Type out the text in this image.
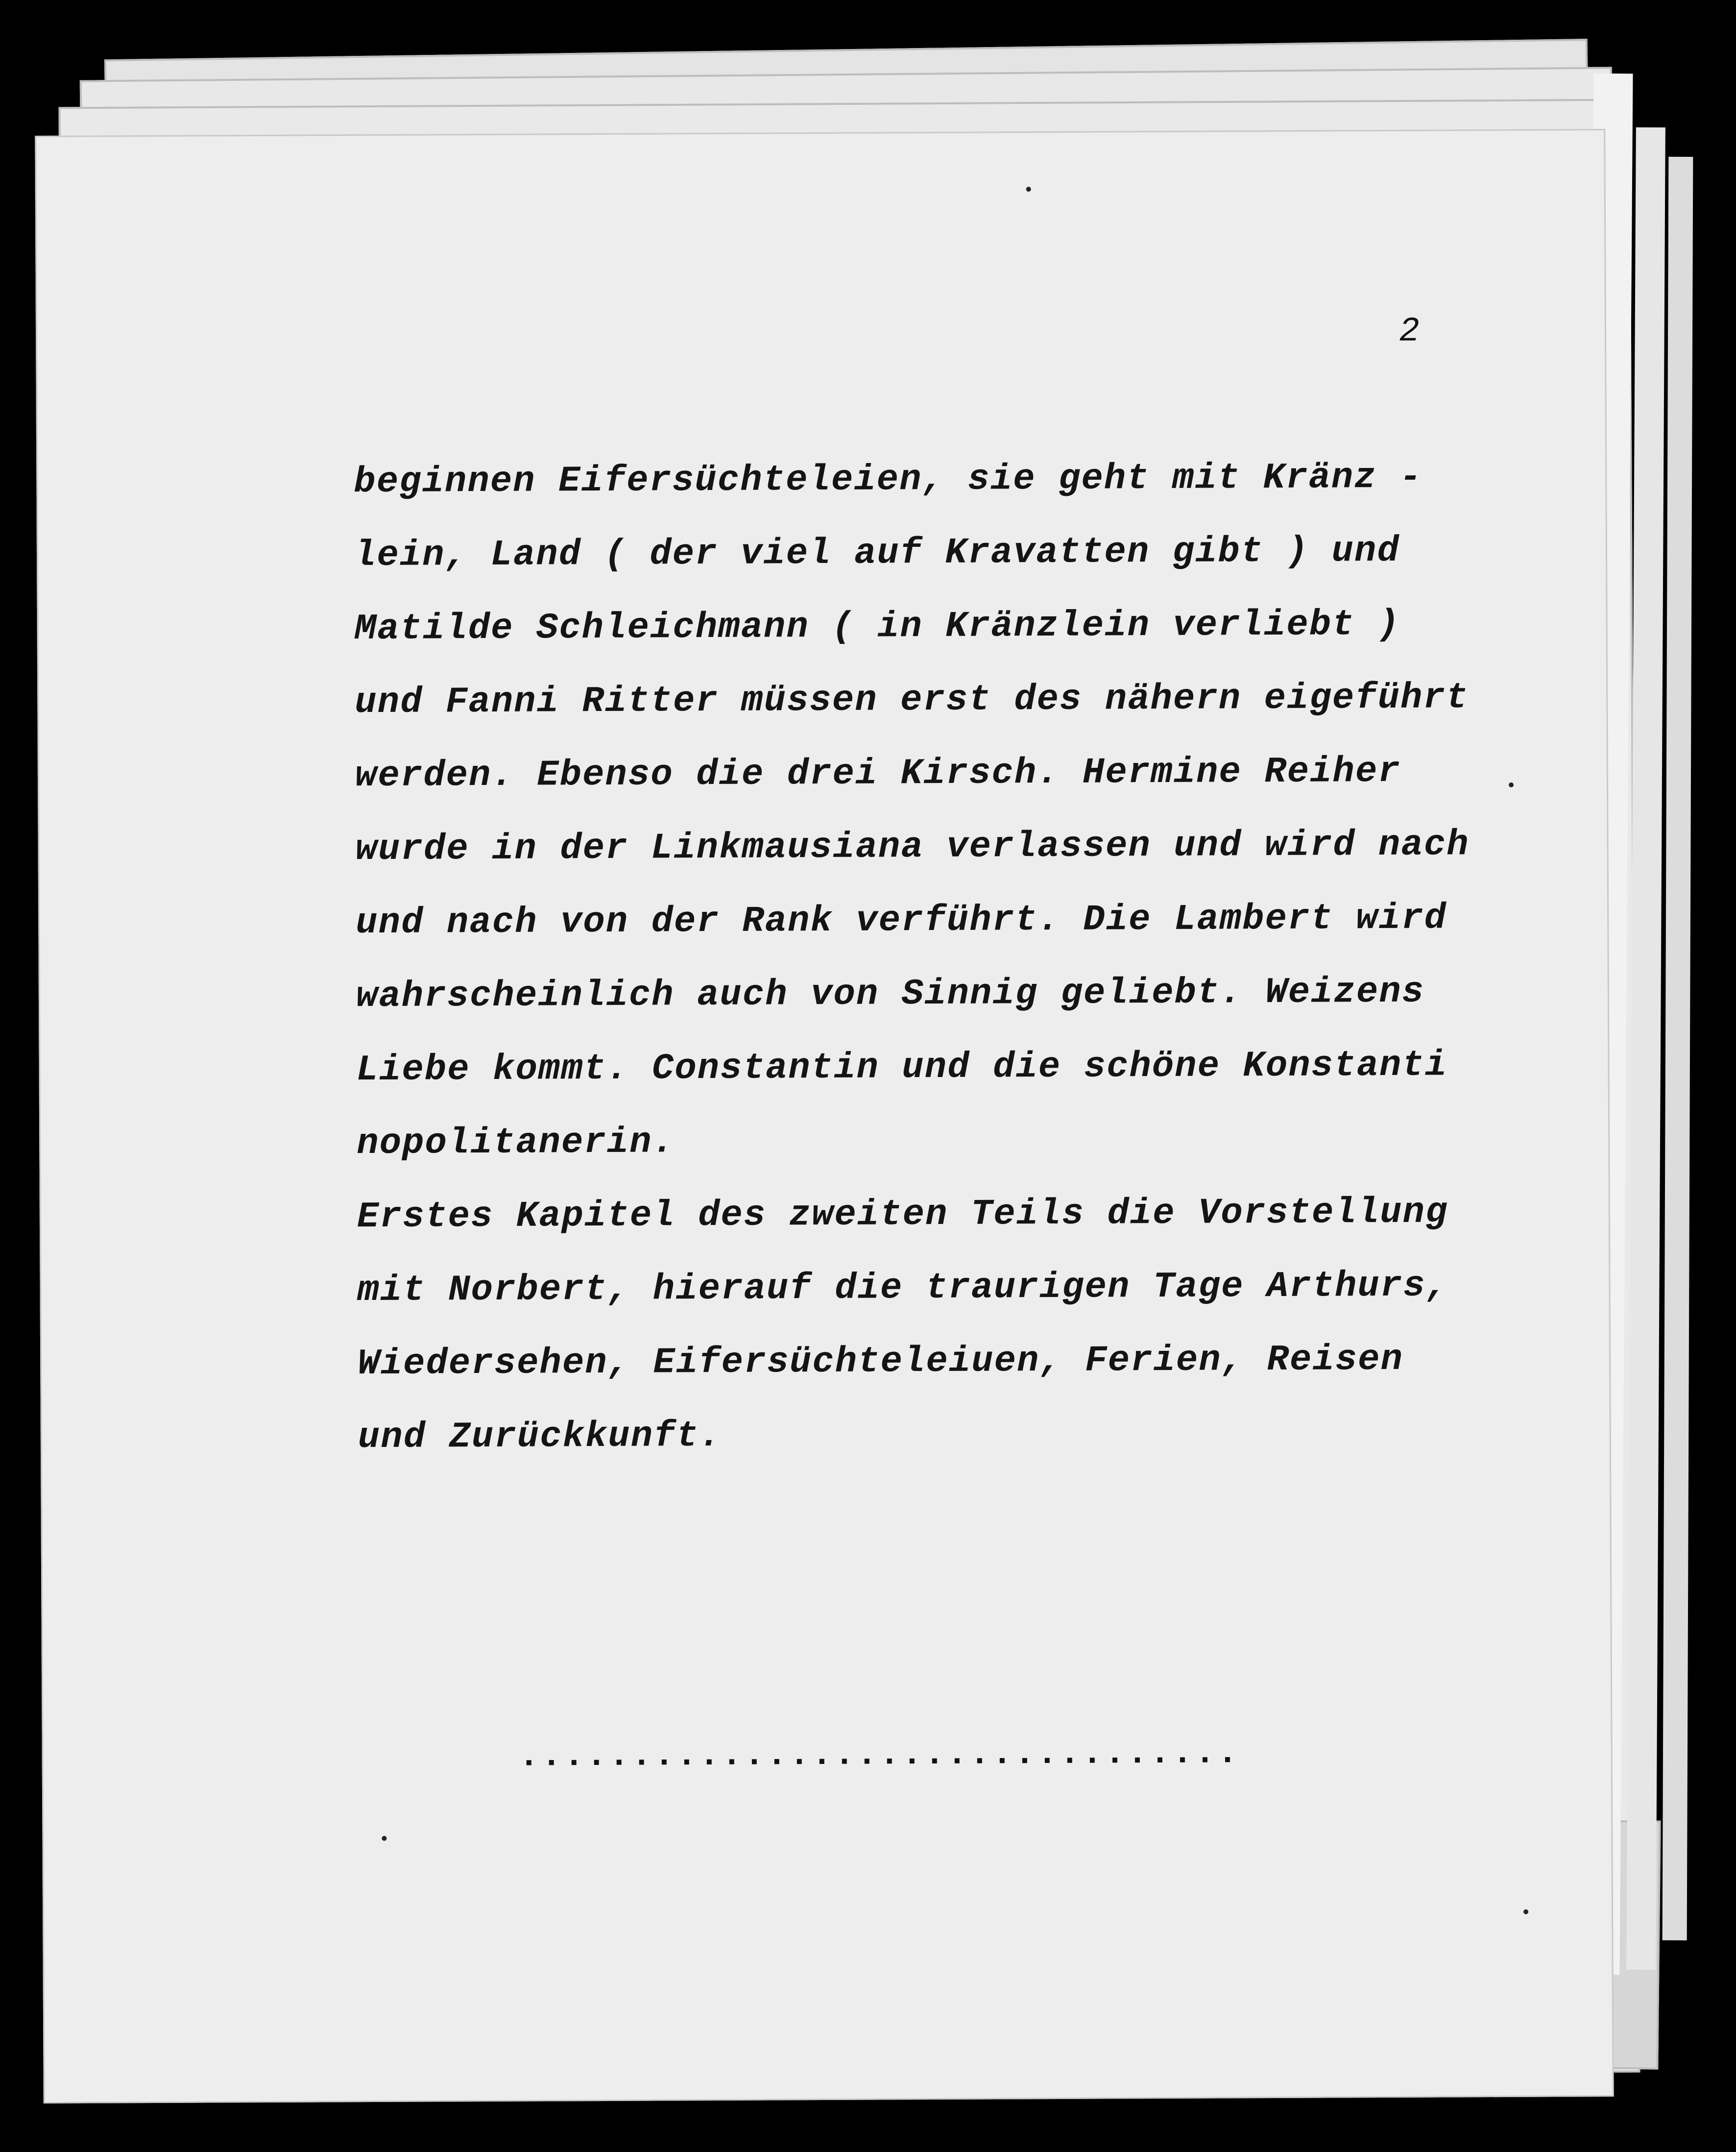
2
beginnen Eifersüchteleien, sie geht mit Kränz -
lein, Land ( der viel auf Kravatten gibt ) und
Matilde Schleichmann ( in Kränzlein verliebt )
und Fanni Ritter müssen erst des nähern eigeführt
werden. Ebenso die drei Kirsch. Hermine Reiher
wurde in der Linkmausiana verlassen und wird nach
und nach von der Rank verführt. Die Lambert wird
wahrscheinlich auch von Sinnig geliebt. Weizens
Liebe kommt. Constantin und die schöne Konstanti
nopolitanerin.
Erstes Kapitel des zweiten Teils die Vorstellung
mit Norbert, hierauf die traurigen Tage Arthurs,
Wiedersehen, Eifersüchteleiuen, Ferien, Reisen
und Zurückkunft.
................................
